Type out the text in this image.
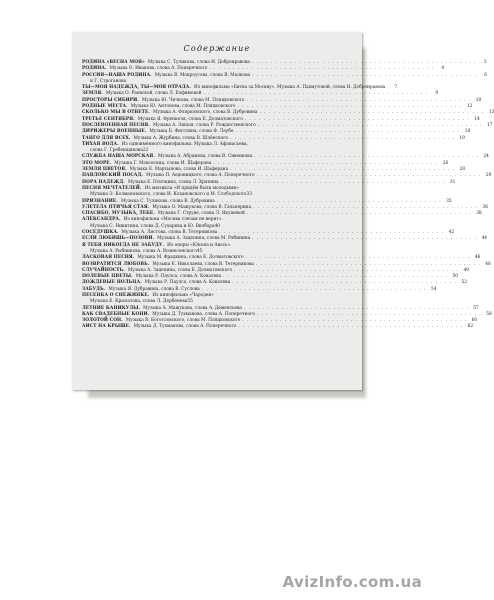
Содержание
РОДИНА «ВЕСНА МОЯ» Музыка С. Туликова, слова И. Добронравова . . .	3
РОДИНА. Музыка О. Иванова, слова А. Поперечного . . .	4
РОССИЯ—НАША РОДИНА. Музыка В. Мокроусова, слова В. Малкова . . .	6
и Г. Строганова
ТЫ—МОЯ НАДЕЖДА, ТЫ—МОЯ ОТРАДА. Из кинофильма «Битва за Москву». Музыка А. Пахмутовой, слова Н. Добронравова	7
ЗЕМЛЯ. Музыка О. Раевской, слова Л. Елфимовой . . .	9
ПРОСТОРЫ СИБИРИ. Музыка Ю. Чичкова, слова М. Пляцковского . . .	10
РОДНЫЕ МЕСТА. Музыка Ю. Антонова, слова М. Пляцковского . . .	12
СКОЛЬКО МЫ В ОТВЕТЕ. Музыка А. Флярковского, слова В. Дубровина . . .	13
ТРЕТЬЕ СЕНТЯБРЯ. Музыка Я. Френкеля, слова Е. Долматовского . . .	14
ПОСЛЕВОЕННАЯ ПЕСНЯ. Музыка А. Эшпая, слова Р. Рождественского . . .	17
ДИРИЖЕРЫ ВОЕННЫЕ. Музыка Б. Фиготина, слова Ф. Лаубе . . .	18
ТАНГО ДЛЯ ВСЕХ. Музыка А. Журбина, слова В. Шлёнского . . .	19
ТИХАЯ ВОДА. Из одноимённого кинофильма. Музыка Л. Афанасьева,
слова Г. Гребенщикова 22
СЛУЖБА НАША МОРСКАЯ. Музыка А. Абрамова, слова В. Сивенкова . . .	24
ЭТО МОРЕ. Музыка Г. Мовсесяна, слова И. Шаферана . . .	26
ЗЕМЛЯ ЦВЕТОВ. Музыка Е. Мартынова, слова И. Шаферана . . .	28
ПАВЛОВСКИЙ ПОСАД. Музыка П. Аедоницкого, слова А. Поперечного . . .	29
ПОРА НАДЕЖД. Музыка Е. Птичкина, слова Л. Хряпина . . .	31
ПЕСНЯ МЕЧТАТЕЛЕЙ. Из мюзикла «И придём были молодыми»
Музыка Э. Колмановского, слова И. Кохановского и М. Слободского 33
ПРИЗНАНИЕ. Музыка С. Туликова, слова В. Дубровина . . .	35
УЛЕТЕЛА ПТИЧЬЯ СТАЯ. Музыка О. Мажукова, слова В. Гальперина . . .	36
СПАСИБО, МУЗЫКА, ТЕБЕ. Музыка Г. Струве, слова Л. Якушевой . . .	38
АЛЕКСАНДРА. Из кинофильма «Москва слезам не верит».
Музыка С. Никитина, слова Д. Сухарева и Ю. Визбора 40
СОСЕДУШКА. Музыка А. Листова, слова В. Тетерникова . . .	42
ЕСЛИ ЛЮБИШЬ—ПОЗОВИ. Музыка А. Зацепина, слова М. Рябинина . . .	44
Я ТЕБЯ НИКОГДА НЕ ЗАБУДУ. Из оперы «Юнона и Авось».
Музыка А. Рыбникова, слова А. Вознесенского 45
ЛАСКОВАЯ ПЕСНЯ. Музыка М. Фрадкина, слова Е. Долматовского . . .	46
ВОЗВРАТИТСЯ ЛЮБОВЬ. Музыка Е. Николаева, слова В. Тетерникова . . .	48
СЛУЧАЙНОСТЬ. Музыка А. Зацепина, слова Е. Долматовского . . .	49
ПОЛЕВЫЕ ЦВЕТЫ. Музыка Р. Паулса, слова А. Ковалева . . .	50
ДОЖДЕВЫЕ НОЛЬЦА. Музыка Р. Паулса, слова А. Ковалева . . .	52
ЗАБУДЬ. Музыка Я. Дубравина, слова В. Суслова . . .	54
ПЕСЕНКА О СНЕЖИНКЕ. Из кинофильма «Чародеи»
Музыка Е. Крылатова, слова Л. Дербенева 55
ЛЕТНИЕ КАНИКУЛЫ. Музыка А. Мажукова, слова А. Дементьева . . .	57
КАК СВАДЕБНЫЕ КОНИ. Музыка Д. Тухманова, слова А. Поперечного . . .	58
ЗОЛОТОЙ СОН. Музыка В. Богословского, слова М. Пляцковского . . .	60
АИСТ НА КРЫШЕ. Музыка Д. Тухманова, слова А. Поперечного . . .	62
AvizInfo.com.ua
